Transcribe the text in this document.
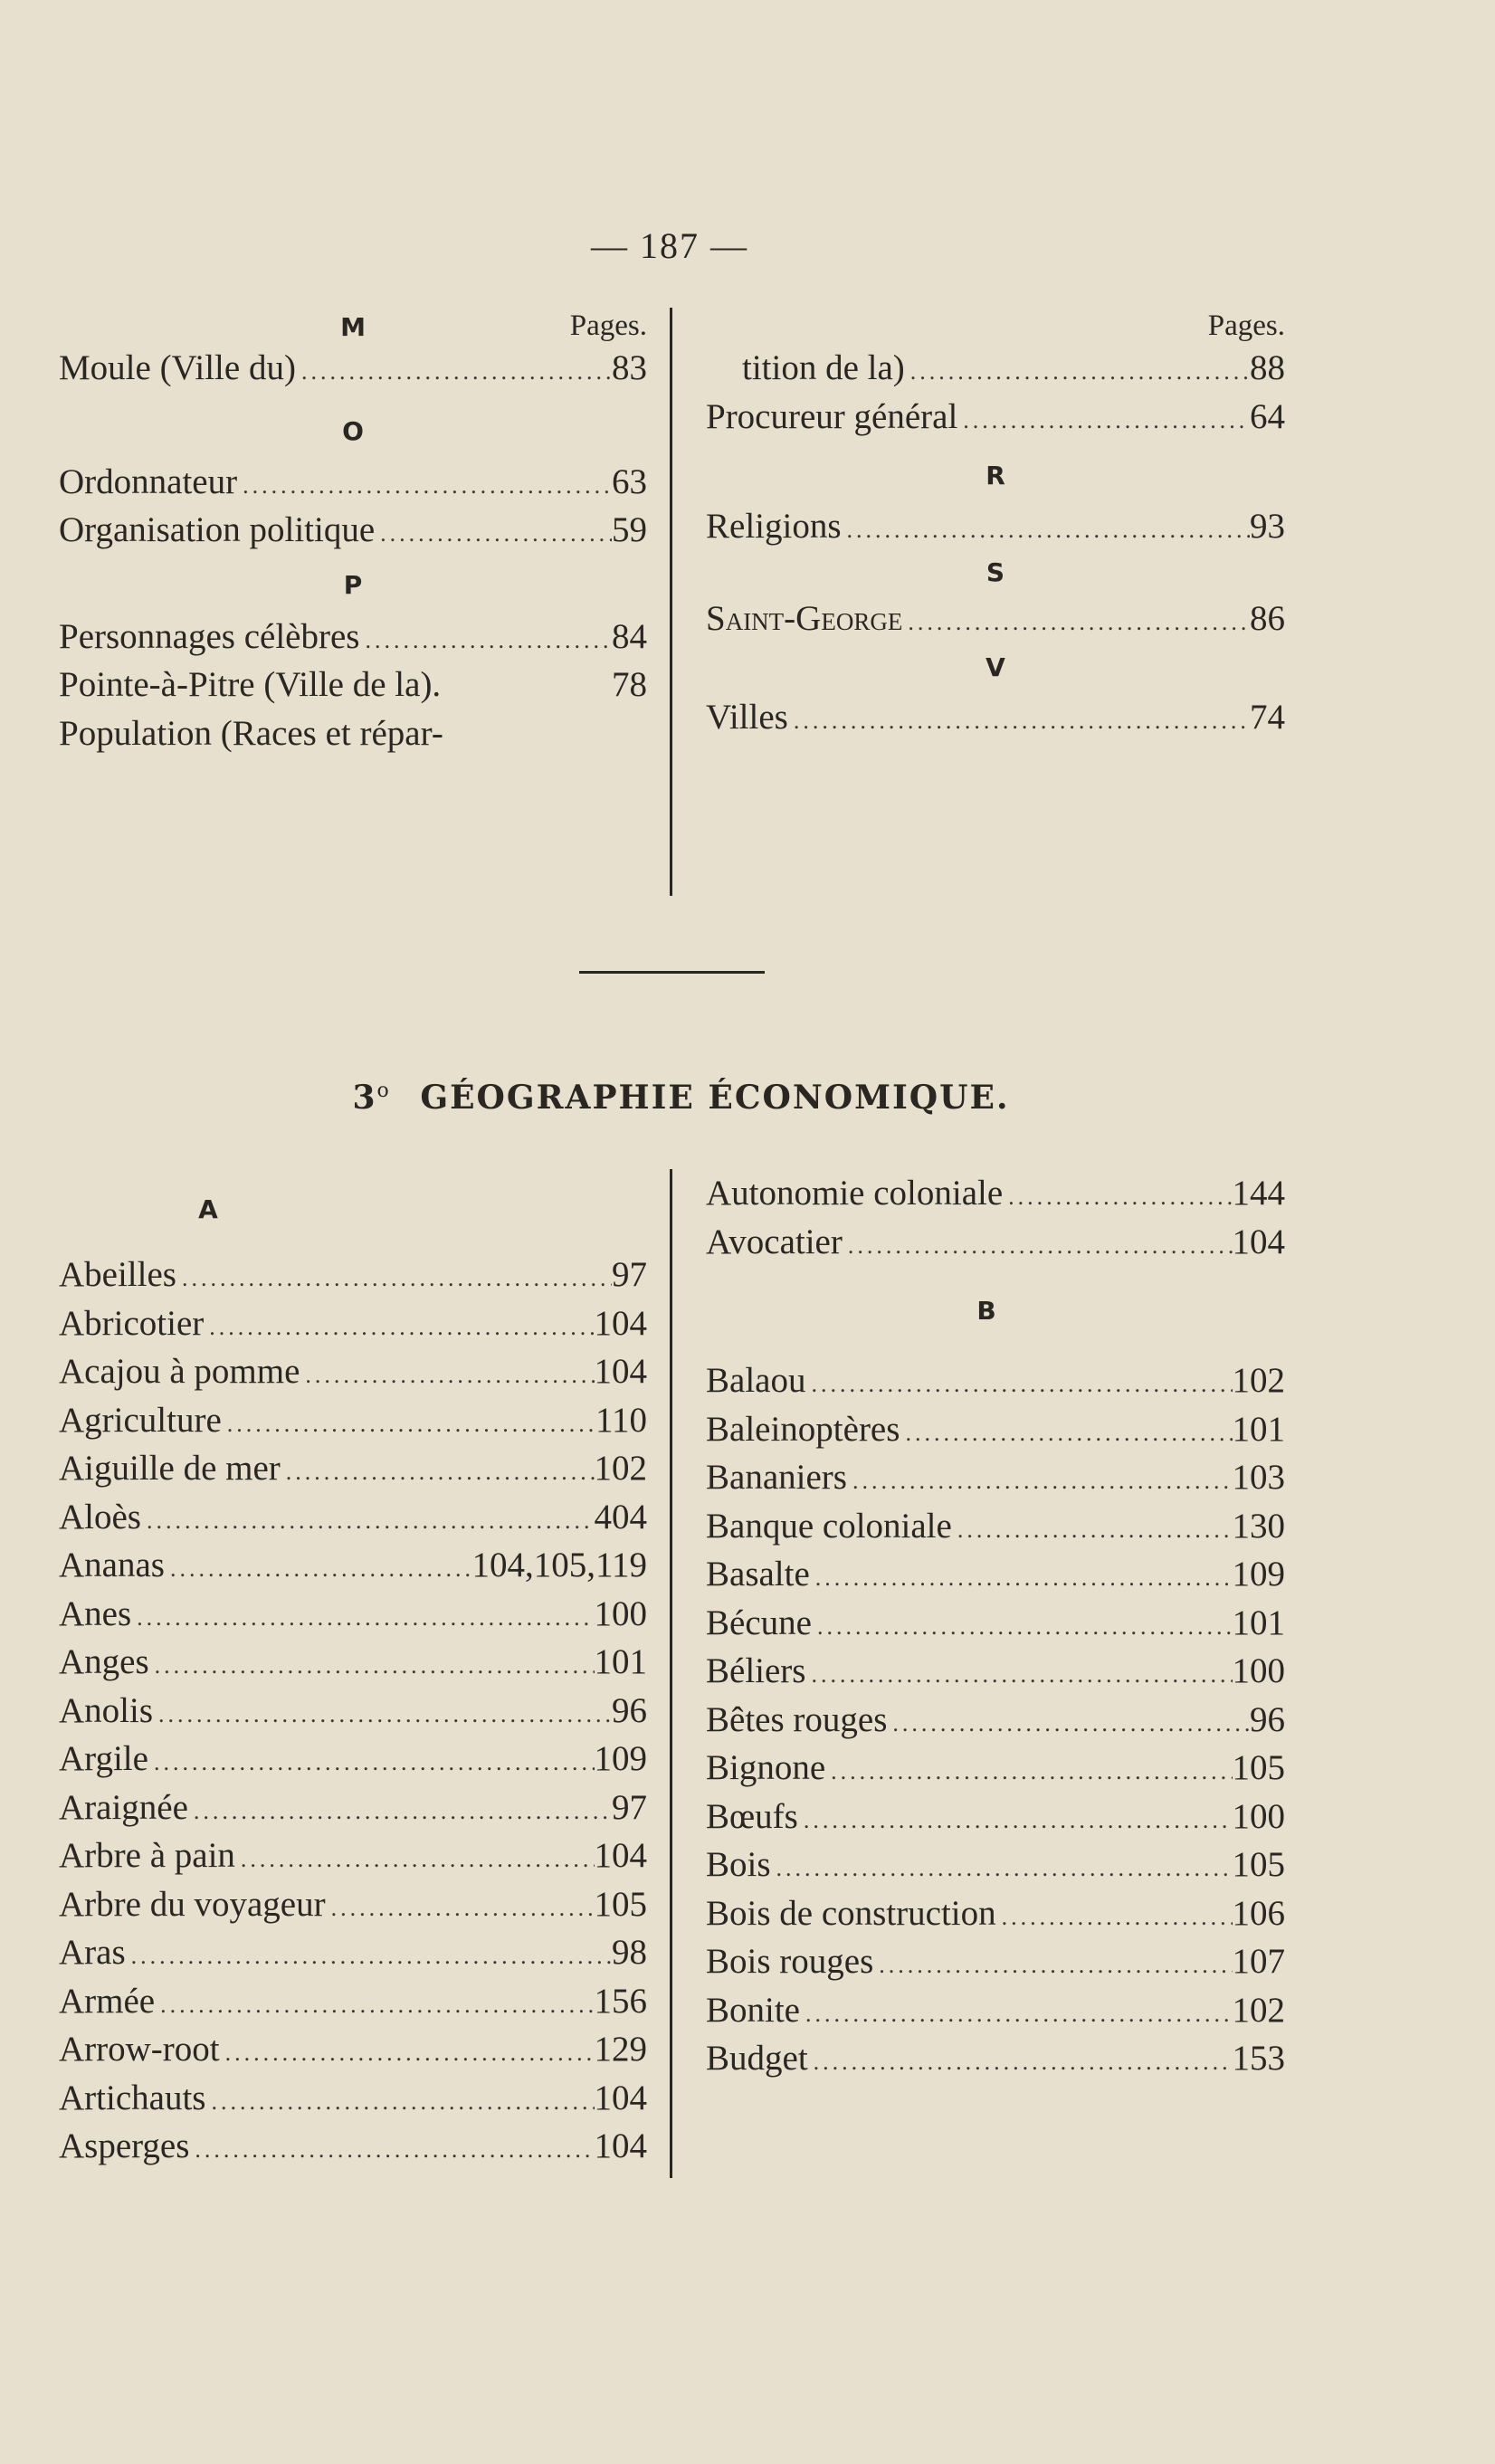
— 187 —
Pages.
M
Moule (Ville du) .....	83
O
Ordonnateur .....	63
Organisation politique .....	59
P
Personnages célèbres .....	84
Pointe-à-Pitre (Ville de la).	78
Population (Races et répar-
Pages.
tition de la) .....	88
Procureur général .....	64
R
Religions .....	93
S
Saint-George .....	86
V
Villes .....	74
3$^o$ GÉOGRAPHIE ÉCONOMIQUE.
A
Abeilles .....	97
Abricotier .....	104
Acajou à pomme .....	104
Agriculture .....	110
Aiguille de mer .....	102
Aloès .....	404
Ananas .....	104,105,119
Anes .....	100
Anges .....	101
Anolis .....	96
Argile .....	109
Araignée .....	97
Arbre à pain .....	104
Arbre du voyageur .....	105
Aras .....	98
Armée .....	156
Arrow-root .....	129
Artichauts .....	104
Asperges .....	104
Autonomie coloniale .....	144
Avocatier .....	104
B
Balaou .....	102
Baleinoptères .....	101
Bananiers .....	103
Banque coloniale .....	130
Basalte .....	109
Bécune .....	101
Béliers .....	100
Bêtes rouges .....	96
Bignone .....	105
Bœufs .....	100
Bois .....	105
Bois de construction .....	106
Bois rouges .....	107
Bonite .....	102
Budget .....	153
